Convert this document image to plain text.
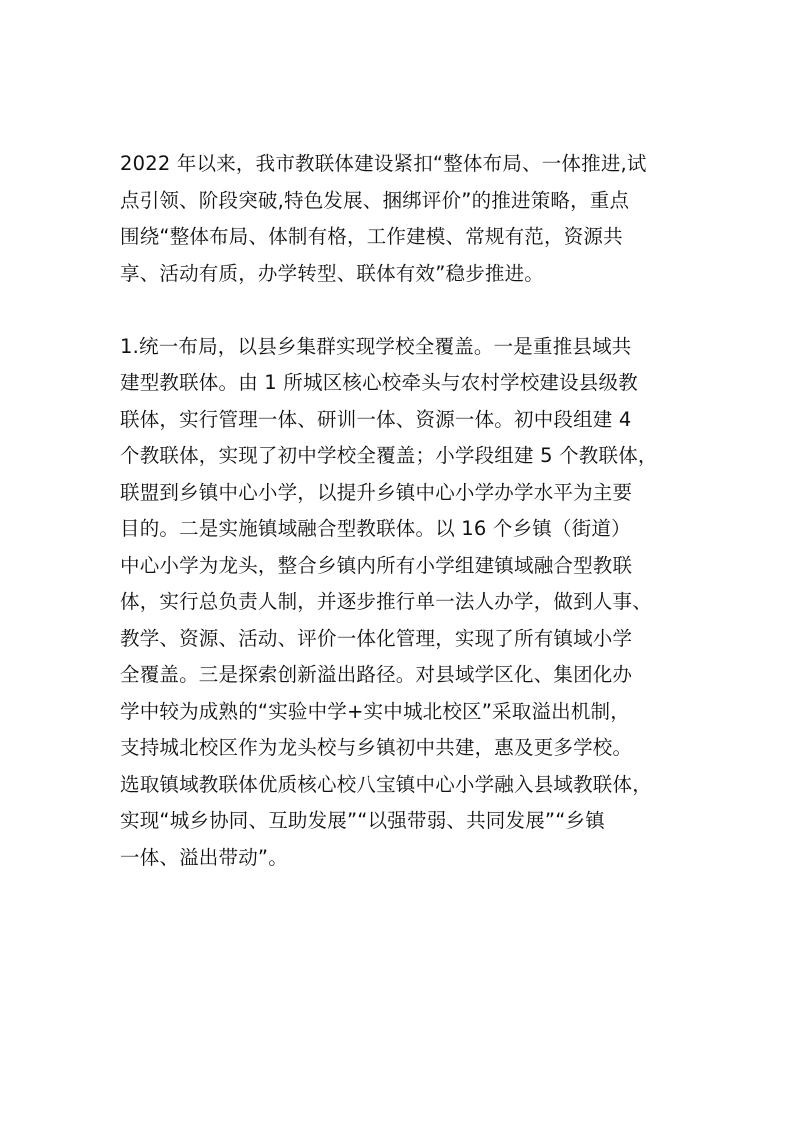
2022 年以来，我市教联体建设紧扣“整体布局、一体推进,试
点引领、阶段突破,特色发展、捆绑评价”的推进策略，重点
围绕“整体布局、体制有格，工作建模、常规有范，资源共
享、活动有质，办学转型、联体有效”稳步推进。

1.统一布局，以县乡集群实现学校全覆盖。一是重推县域共
建型教联体。由 1 所城区核心校牵头与农村学校建设县级教
联体，实行管理一体、研训一体、资源一体。初中段组建 4
个教联体，实现了初中学校全覆盖；小学段组建 5 个教联体，
联盟到乡镇中心小学，以提升乡镇中心小学办学水平为主要
目的。二是实施镇域融合型教联体。以 16 个乡镇（街道）
中心小学为龙头，整合乡镇内所有小学组建镇域融合型教联
体，实行总负责人制，并逐步推行单一法人办学，做到人事、
教学、资源、活动、评价一体化管理，实现了所有镇域小学
全覆盖。三是探索创新溢出路径。对县域学区化、集团化办
学中较为成熟的“实验中学+实中城北校区”采取溢出机制，
支持城北校区作为龙头校与乡镇初中共建，惠及更多学校。
选取镇域教联体优质核心校八宝镇中心小学融入县域教联体，
实现“城乡协同、互助发展”“以强带弱、共同发展”“乡镇
一体、溢出带动”。
